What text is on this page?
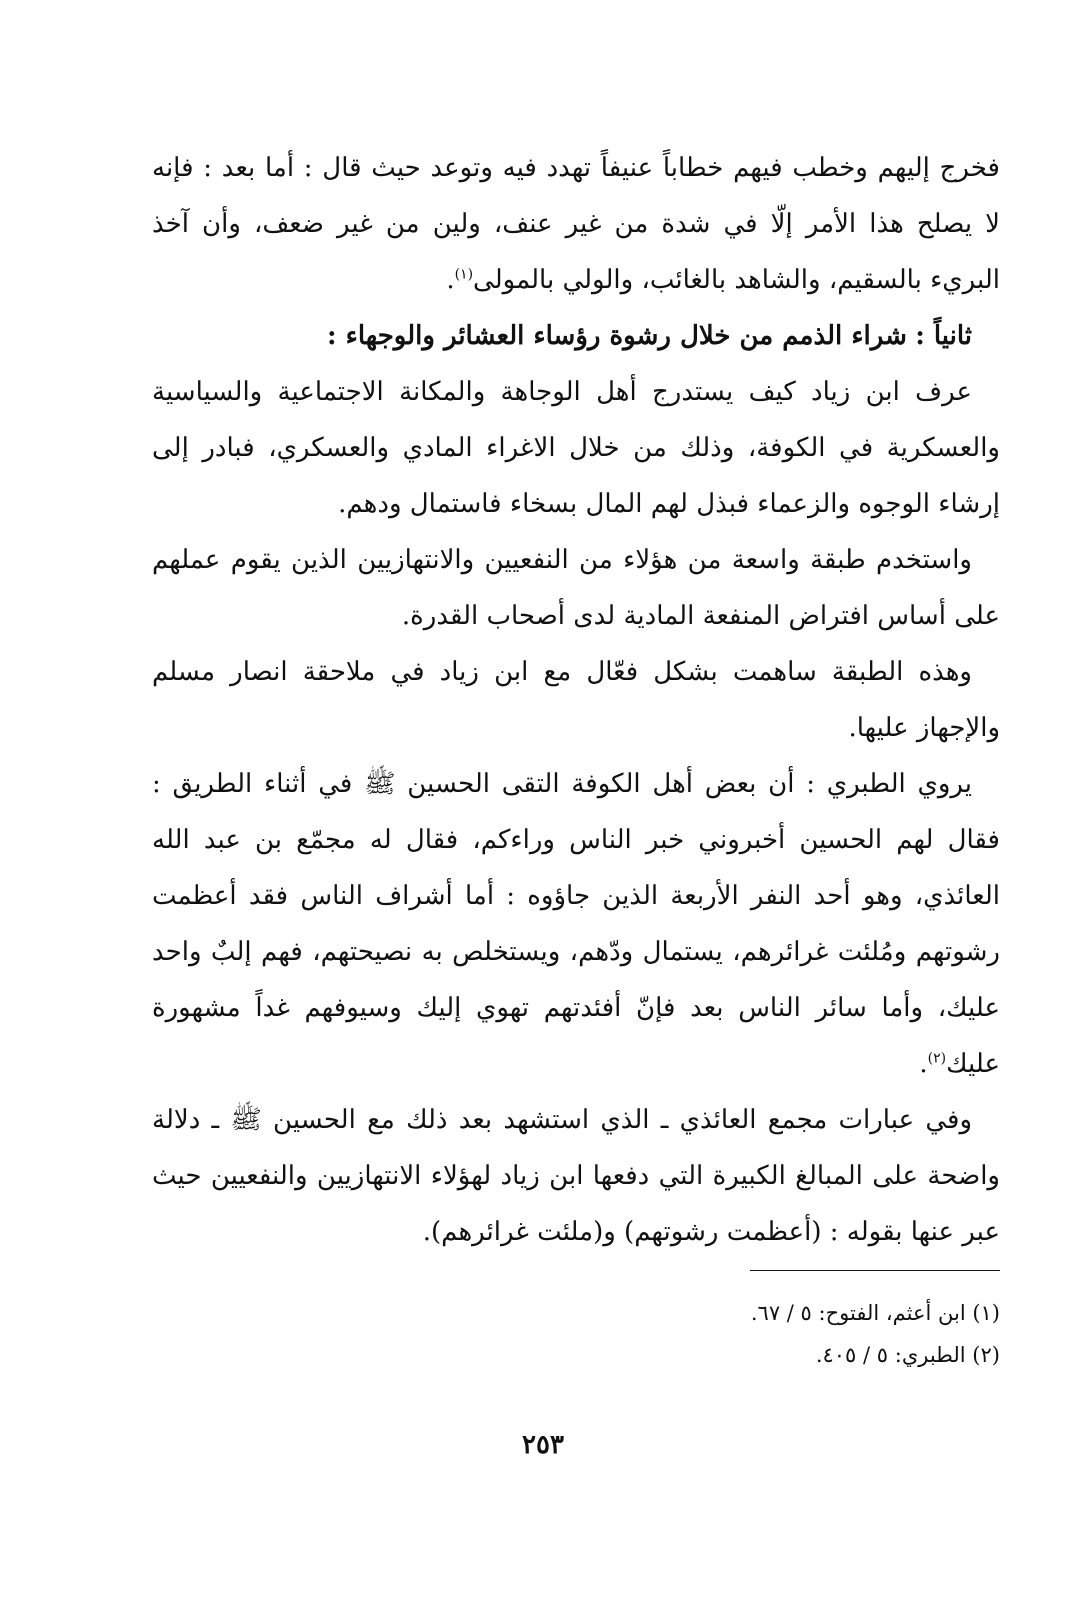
فخرج إليهم وخطب فيهم خطاباً عنيفاً تهدد فيه وتوعد حيث قال : أما بعد : فإنه لا يصلح هذا الأمر إلّا في شدة من غير عنف، ولين من غير ضعف، وأن آخذ البريء بالسقيم، والشاهد بالغائب، والولي بالمولى$^{(١)}$.

ثانياً : شراء الذمم من خلال رشوة رؤساء العشائر والوجهاء :

عرف ابن زياد كيف يستدرج أهل الوجاهة والمكانة الاجتماعية والسياسية والعسكرية في الكوفة، وذلك من خلال الاغراء المادي والعسكري، فبادر إلى إرشاء الوجوه والزعماء فبذل لهم المال بسخاء فاستمال ودهم.

واستخدم طبقة واسعة من هؤلاء من النفعيين والانتهازيين الذين يقوم عملهم على أساس افتراض المنفعة المادية لدى أصحاب القدرة.

وهذه الطبقة ساهمت بشكل فعّال مع ابن زياد في ملاحقة انصار مسلم والإجهاز عليها.

يروي الطبري : أن بعض أهل الكوفة التقى الحسين ﷺ في أثناء الطريق : فقال لهم الحسين أخبروني خبر الناس وراءكم، فقال له مجمّع بن عبد الله العائذي، وهو أحد النفر الأربعة الذين جاؤوه : أما أشراف الناس فقد أعظمت رشوتهم ومُلئت غرائرهم، يستمال ودّهم، ويستخلص به نصيحتهم، فهم إلبٌ واحد عليك، وأما سائر الناس بعد فإنّ أفئدتهم تهوي إليك وسيوفهم غداً مشهورة عليك$^{(٢)}$.

وفي عبارات مجمع العائذي ـ الذي استشهد بعد ذلك مع الحسين ﷺ ـ دلالة واضحة على المبالغ الكبيرة التي دفعها ابن زياد لهؤلاء الانتهازيين والنفعيين حيث عبر عنها بقوله : (أعظمت رشوتهم) و(ملئت غرائرهم).

(١) ابن أعثم، الفتوح: ٥ / ٦٧.

(٢) الطبري: ٥ / ٤٠٥.

٢٥٣
